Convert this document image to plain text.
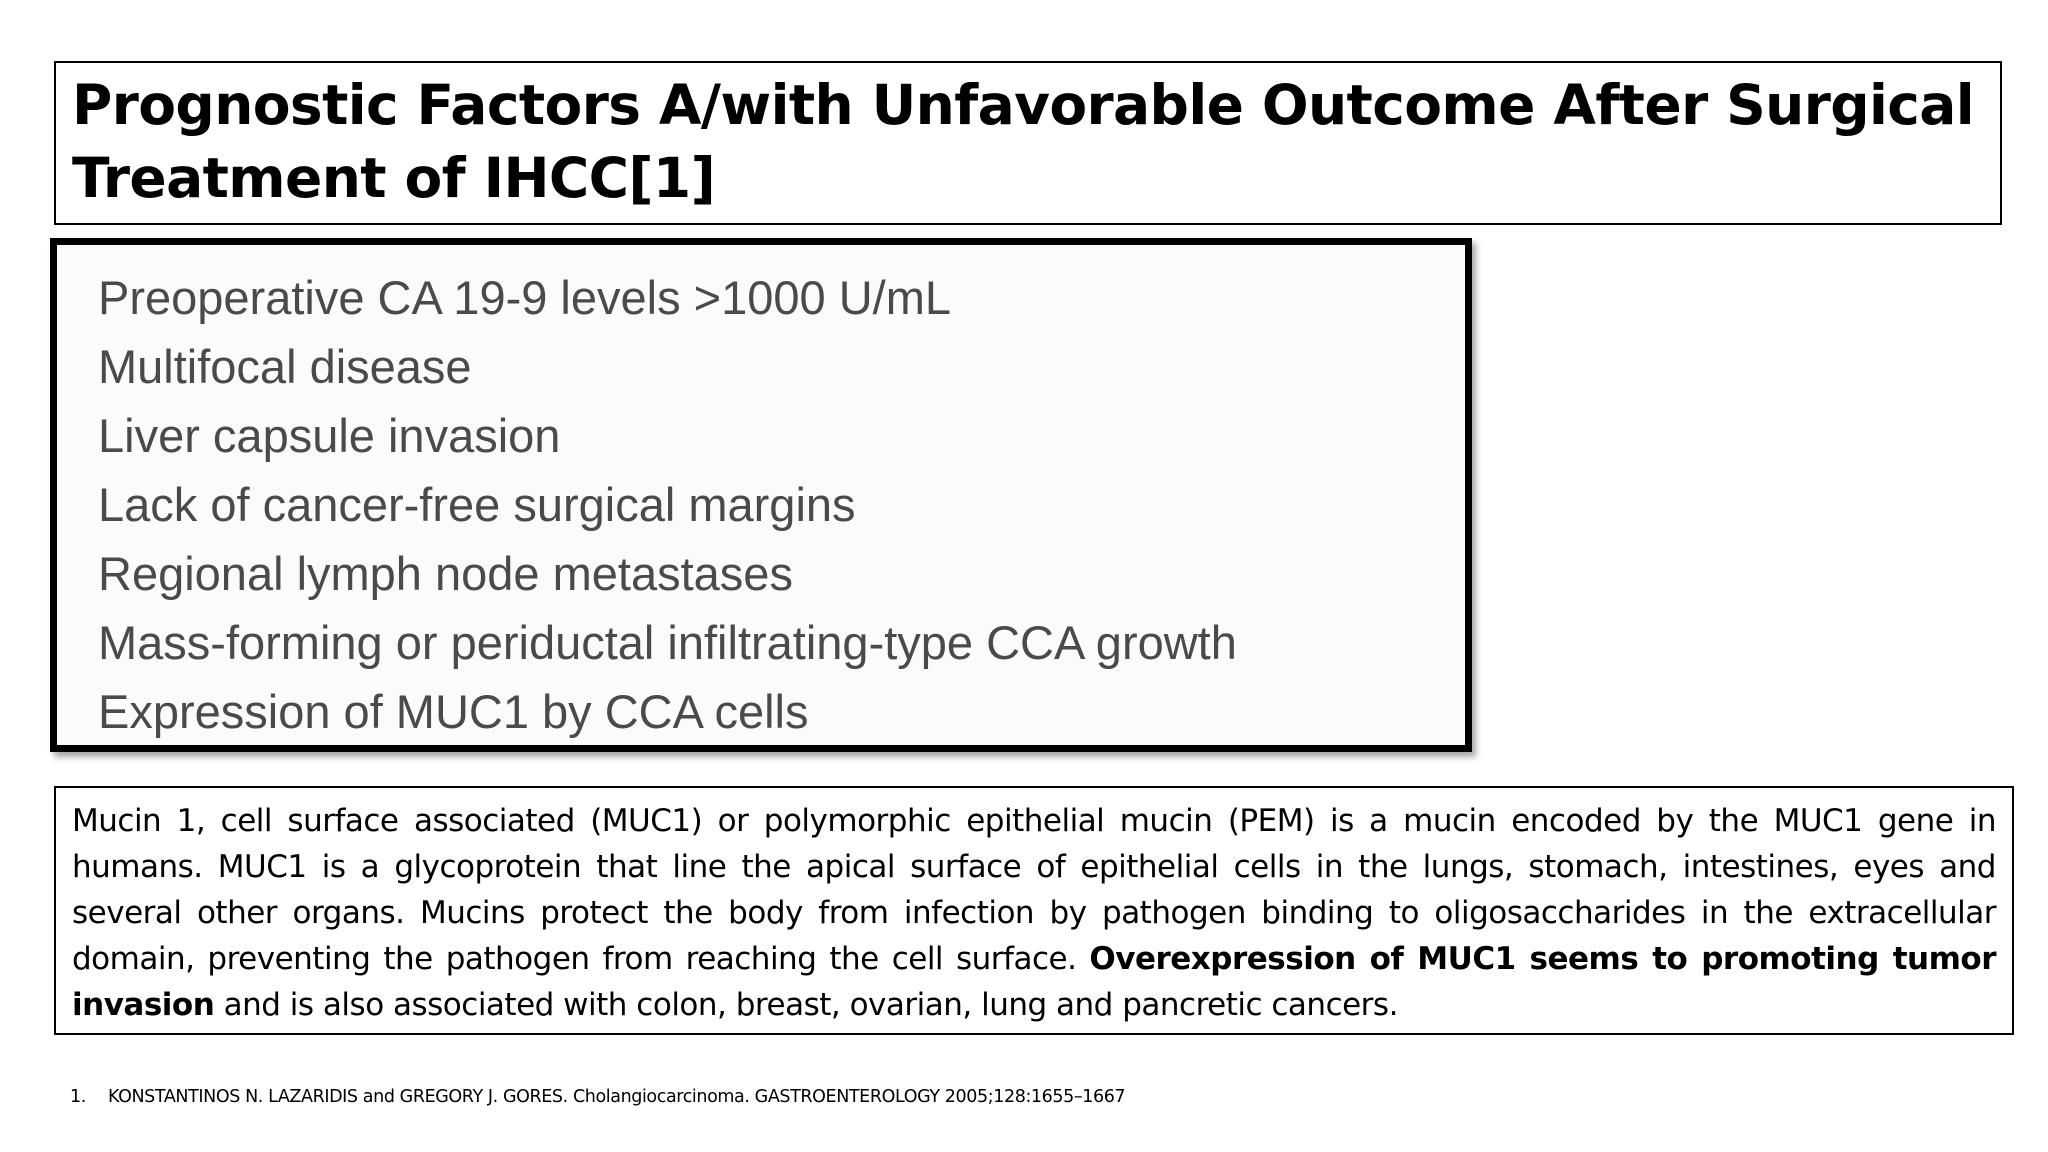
Prognostic Factors A/with Unfavorable Outcome After Surgical Treatment of IHCC[1]
Preoperative CA 19-9 levels >1000 U/mL
Multifocal disease
Liver capsule invasion
Lack of cancer-free surgical margins
Regional lymph node metastases
Mass-forming or periductal infiltrating-type CCA growth
Expression of MUC1 by CCA cells

Mucin 1, cell surface associated (MUC1) or polymorphic epithelial mucin (PEM) is a mucin encoded by the MUC1 gene in humans. MUC1 is a glycoprotein that line the apical surface of epithelial cells in the lungs, stomach, intestines, eyes and several other organs. Mucins protect the body from infection by pathogen binding to oligosaccharides in the extracellular domain, preventing the pathogen from reaching the cell surface. Overexpression of MUC1 seems to promoting tumor invasion and is also associated with colon, breast, ovarian, lung and pancretic cancers.

1. KONSTANTINOS N. LAZARIDIS and GREGORY J. GORES. Cholangiocarcinoma. GASTROENTEROLOGY 2005;128:1655–1667
